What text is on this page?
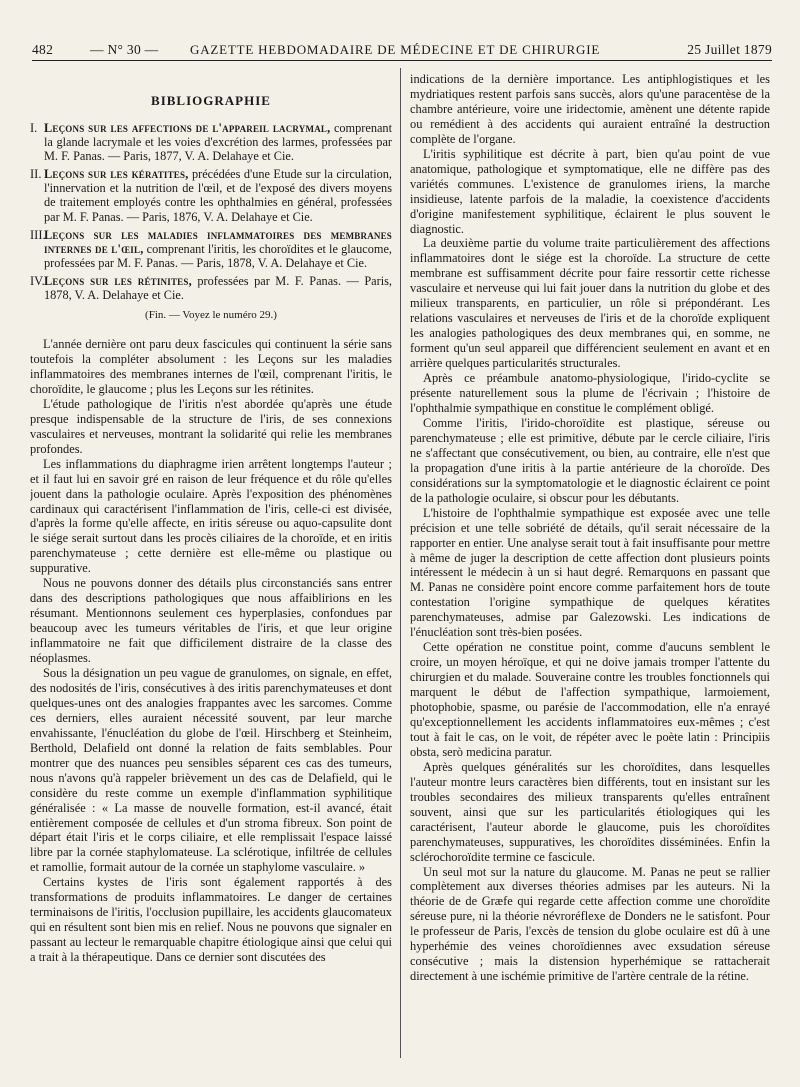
482	— N° 30 — GAZETTE HEBDOMADAIRE DE MÉDECINE ET DE CHIRURGIE	25 Juillet 1879
BIBLIOGRAPHIE
I. Leçons sur les affections de l'appareil lacrymal, comprenant la glande lacrymale et les voies d'excrétion des larmes, professées par M. F. Panas. — Paris, 1877, V. A. Delahaye et Cie.
II. Leçons sur les kératites, précédées d'une Etude sur la circulation, l'innervation et la nutrition de l'œil, et de l'exposé des divers moyens de traitement employés contre les ophthalmies en général, professées par M. F. Panas. — Paris, 1876, V. A. Delahaye et Cie.
III.
Leçons sur les maladies inflammatoires des membranes internes de l'œil, comprenant l'iritis, les choroïdites et le glaucome, professées par M. F. Panas. — Paris, 1878, V. A. Delahaye et Cie.
IV. Leçons sur les rétinites, professées par M. F. Panas. — Paris, 1878, V. A. Delahaye et Cie.
(Fin. — Voyez le numéro 29.)

L'année dernière ont paru deux fascicules qui continuent la série sans toutefois la compléter absolument : les Leçons sur les maladies inflammatoires des membranes internes de l'œil, comprenant l'iritis, le choroïdite, le glaucome ; plus les Leçons sur les rétinites.

L'étude pathologique de l'iritis n'est abordée qu'après une étude presque indispensable de la structure de l'iris, de ses connexions vasculaires et nerveuses, montrant la solidarité qui relie les membranes profondes.

Les inflammations du diaphragme irien arrêtent longtemps l'auteur ; et il faut lui en savoir gré en raison de leur fréquence et du rôle qu'elles jouent dans la pathologie oculaire. Après l'exposition des phénomènes cardinaux qui caractérisent l'inflammation de l'iris, celle-ci est divisée, d'après la forme qu'elle affecte, en iritis séreuse ou aquo-capsulite dont le siége serait surtout dans les procès ciliaires de la choroïde, et en iritis parenchymateuse ; cette dernière est elle-même ou plastique ou suppurative.

Nous ne pouvons donner des détails plus circonstanciés sans entrer dans des descriptions pathologiques que nous affaiblirions en les résumant. Mentionnons seulement ces hyperplasies, confondues par beaucoup avec les tumeurs véritables de l'iris, et que leur origine inflammatoire ne fait que difficilement distraire de la classe des néoplasmes.

Sous la désignation un peu vague de granulomes, on signale, en effet, des nodosités de l'iris, consécutives à des iritis parenchymateuses et dont quelques-unes ont des analogies frappantes avec les sarcomes. Comme ces derniers, elles auraient nécessité souvent, par leur marche envahissante, l'énucléation du globe de l'œil. Hirschberg et Steinheim, Berthold, Delafield ont donné la relation de faits semblables. Pour montrer que des nuances peu sensibles séparent ces cas des tumeurs, nous n'avons qu'à rappeler brièvement un des cas de Delafield, qui le considère du reste comme un exemple d'inflammation syphilitique généralisée : « La masse de nouvelle formation, est-il avancé, était entièrement composée de cellules et d'un stroma fibreux. Son point de départ était l'iris et le corps ciliaire, et elle remplissait l'espace laissé libre par la cornée staphylomateuse. La sclérotique, infiltrée de cellules et ramollie, formait autour de la cornée un staphylome vasculaire. »

Certains kystes de l'iris sont également rapportés à des transformations de produits inflammatoires. Le danger de certaines terminaisons de l'iritis, l'occlusion pupillaire, les accidents glaucomateux qui en résultent sont bien mis en relief. Nous ne pouvons que signaler en passant au lecteur le remarquable chapitre étiologique ainsi que celui qui a trait à la thérapeutique. Dans ce dernier sont discutées des

indications de la dernière importance. Les antiphlogistiques et les mydriatiques restent parfois sans succès, alors qu'une paracentèse de la chambre antérieure, voire une iridectomie, amènent une détente rapide ou remédient à des accidents qui auraient entraîné la destruction complète de l'organe.

L'iritis syphilitique est décrite à part, bien qu'au point de vue anatomique, pathologique et symptomatique, elle ne diffère pas des variétés communes. L'existence de granulomes iriens, la marche insidieuse, latente parfois de la maladie, la coexistence d'accidents d'origine manifestement syphilitique, éclairent le plus souvent le diagnostic.

La deuxième partie du volume traite particulièrement des affections inflammatoires dont le siége est la choroïde. La structure de cette membrane est suffisamment décrite pour faire ressortir cette richesse vasculaire et nerveuse qui lui fait jouer dans la nutrition du globe et des milieux transparents, en particulier, un rôle si prépondérant. Les relations vasculaires et nerveuses de l'iris et de la choroïde expliquent les analogies pathologiques des deux membranes qui, en somme, ne forment qu'un seul appareil que différencient seulement en avant et en arrière quelques particularités structurales.

Après ce préambule anatomo-physiologique, l'irido-cyclite se présente naturellement sous la plume de l'écrivain ; l'histoire de l'ophthalmie sympathique en constitue le complément obligé.

Comme l'iritis, l'irido-choroïdite est plastique, séreuse ou parenchymateuse ; elle est primitive, débute par le cercle ciliaire, l'iris ne s'affectant que consécutivement, ou bien, au contraire, elle n'est que la propagation d'une iritis à la partie antérieure de la choroïde. Des considérations sur la symptomatologie et le diagnostic éclairent ce point de la pathologie oculaire, si obscur pour les débutants.

L'histoire de l'ophthalmie sympathique est exposée avec une telle précision et une telle sobriété de détails, qu'il serait nécessaire de la rapporter en entier. Une analyse serait tout à fait insuffisante pour mettre à même de juger la description de cette affection dont plusieurs points intéressent le médecin à un si haut degré. Remarquons en passant que M. Panas ne considère point encore comme parfaitement hors de toute contestation l'origine sympathique de quelques kératites parenchymateuses, admise par Galezowski. Les indications de l'énucléation sont très-bien posées.

Cette opération ne constitue point, comme d'aucuns semblent le croire, un moyen héroïque, et qui ne doive jamais tromper l'attente du chirurgien et du malade. Souveraine contre les troubles fonctionnels qui marquent le début de l'affection sympathique, larmoiement, photophobie, spasme, ou parésie de l'accommodation, elle n'a enrayé qu'exceptionnellement les accidents inflammatoires eux-mêmes ; c'est tout à fait le cas, on le voit, de répéter avec le poète latin : Principiis obsta, serò medicina paratur.

Après quelques généralités sur les choroïdites, dans lesquelles l'auteur montre leurs caractères bien différents, tout en insistant sur les troubles secondaires des milieux transparents qu'elles entraînent souvent, ainsi que sur les particularités étiologiques qui les caractérisent, l'auteur aborde le glaucome, puis les choroïdites parenchymateuses, suppuratives, les choroïdites disséminées. Enfin la sclérochoroïdite termine ce fascicule.

Un seul mot sur la nature du glaucome. M. Panas ne peut se rallier complètement aux diverses théories admises par les auteurs. Ni la théorie de de Græfe qui regarde cette affection comme une choroïdite séreuse pure, ni la théorie névroréflexe de Donders ne le satisfont. Pour le professeur de Paris, l'excès de tension du globe oculaire est dû à une hyperhémie des veines choroïdiennes avec exsudation séreuse consécutive ; mais la distension hyperhémique se rattacherait directement à une ischémie primitive de l'artère centrale de la rétine.
